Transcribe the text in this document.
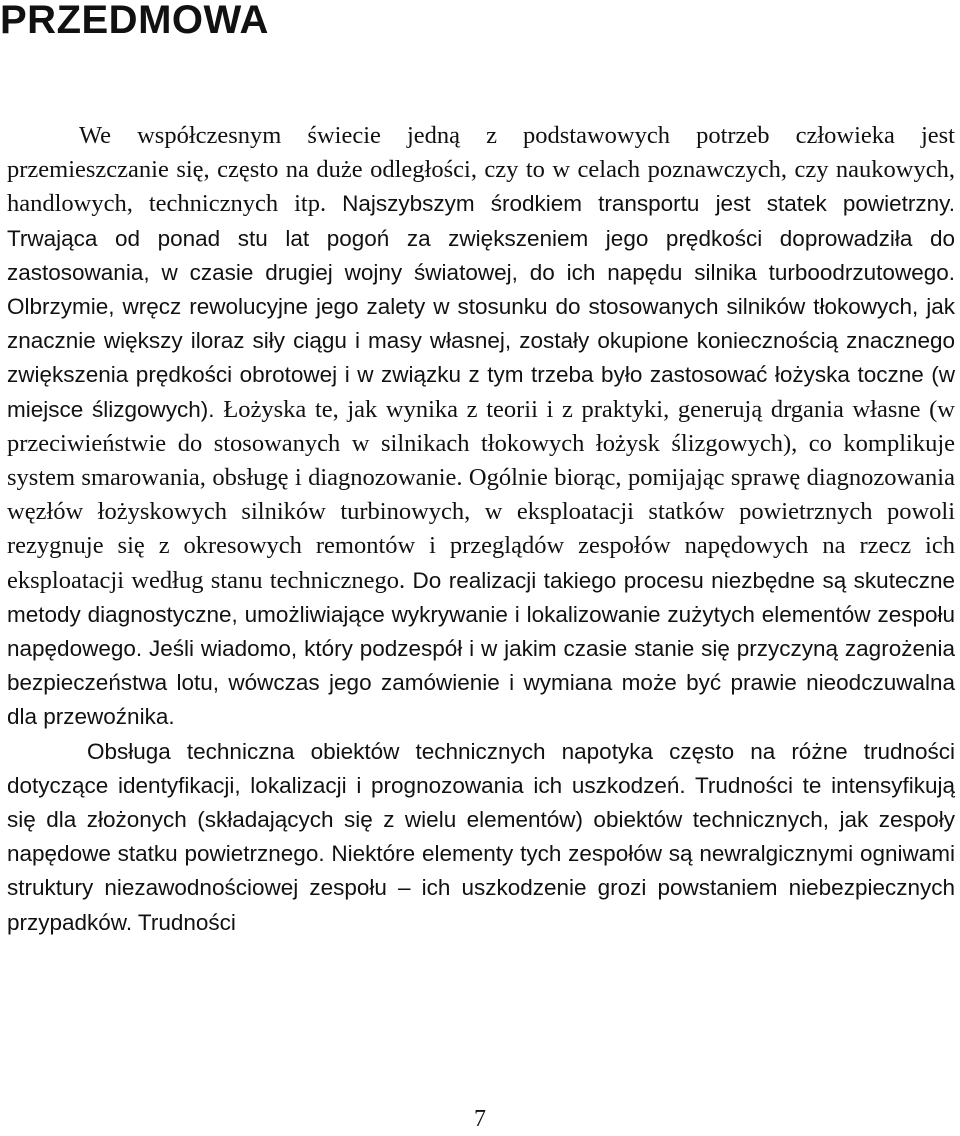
PRZEDMOWA

We współczesnym świecie jedną z podstawowych potrzeb człowieka jest przemieszczanie się, często na duże odległości, czy to w celach poznawczych, czy naukowych, handlowych, technicznych itp. Najszybszym środkiem transportu jest statek powietrzny. Trwająca od ponad stu lat pogoń za zwiększeniem jego prędkości doprowadziła do zastosowania, w czasie drugiej wojny światowej, do ich napędu silnika turboodrzutowego. Olbrzymie, wręcz rewolucyjne jego zalety w stosunku do stosowanych silników tłokowych, jak znacznie większy iloraz siły ciągu i masy własnej, zostały okupione koniecznością znacznego zwiększenia prędkości obrotowej i w związku z tym trzeba było zastosować łożyska toczne (w miejsce ślizgowych). Łożyska te, jak wynika z teorii i z praktyki, generują drgania własne (w przeciwieństwie do stosowanych w silnikach tłokowych łożysk ślizgowych), co komplikuje system smarowania, obsługę i diagnozowanie. Ogólnie biorąc, pomijając sprawę diagnozowania węzłów łożyskowych silników turbinowych, w eksploatacji statków powietrznych powoli rezygnuje się z okresowych remontów i przeglądów zespołów napędowych na rzecz ich eksploatacji według stanu technicznego. Do realizacji takiego procesu niezbędne są skuteczne metody diagnostyczne, umożliwiające wykrywanie i lokalizowanie zużytych elementów zespołu napędowego. Jeśli wiadomo, który podzespół i w jakim czasie stanie się przyczyną zagrożenia bezpieczeństwa lotu, wówczas jego zamówienie i wymiana może być prawie nieodczuwalna dla przewoźnika.

Obsługa techniczna obiektów technicznych napotyka często na różne trudności dotyczące identyfikacji, lokalizacji i prognozowania ich uszkodzeń. Trudności te intensyfikują się dla złożonych (składających się z wielu elementów) obiektów technicznych, jak zespoły napędowe statku powietrznego. Niektóre elementy tych zespołów są newralgicznymi ogniwami struktury niezawodnościowej zespołu – ich uszkodzenie grozi powstaniem niebezpiecznych przypadków. Trudności

7
